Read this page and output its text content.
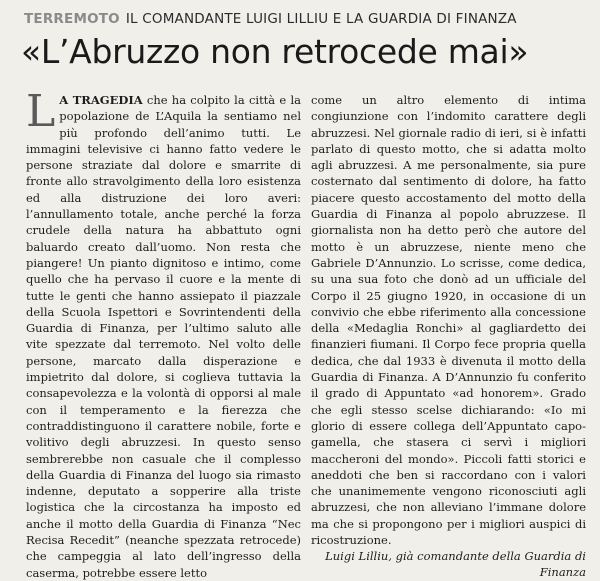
TERREMOTO IL COMANDANTE LUIGI LILLIU E LA GUARDIA DI FINANZA
«L’Abruzzo non retrocede mai»

L A TRAGEDIA che ha colpito la città e la popolazione de L’Aquila la sentiamo nel più profondo dell’animo tutti. Le immagini televisive ci hanno fatto vedere le persone straziate dal dolore e smarrite di fronte allo stravolgimento della loro esistenza ed alla distruzione dei loro averi: l’annullamento totale, anche perché la forza crudele della natura ha abbattuto ogni baluardo creato dall’uomo. Non resta che piangere! Un pianto dignitoso e intimo, come quello che ha pervaso il cuore e la mente di tutte le genti che hanno assiepato il piazzale della Scuola Ispettori e Sovrintendenti della Guardia di Finanza, per l’ultimo saluto alle vite spezzate dal terremoto. Nel volto delle persone, marcato dalla disperazione e impietrito dal dolore, si coglieva tuttavia la consapevolezza e la volontà di opporsi al male con il temperamento e la fierezza che contraddistinguono il carattere nobile, forte e volitivo degli abruzzesi. In questo senso sembrerebbe non casuale che il complesso della Guardia di Finanza del luogo sia rimasto indenne, deputato a sopperire alla triste logistica che la circostanza ha imposto ed anche il motto della Guardia di Finanza “Nec Recisa Recedit” (neanche spezzata retrocede) che campeggia al lato dell’ingresso della caserma, potrebbe essere letto

come un altro elemento di intima congiunzione con l’indomito carattere degli abruzzesi. Nel giornale radio di ieri, si è infatti parlato di questo motto, che si adatta molto agli abruzzesi. A me personalmente, sia pure costernato dal sentimento di dolore, ha fatto piacere questo accostamento del motto della Guardia di Finanza al popolo abruzzese. Il giornalista non ha detto però che autore del motto è un abruzzese, niente meno che Gabriele D’Annunzio. Lo scrisse, come dedica, su una sua foto che donò ad un ufficiale del Corpo il 25 giugno 1920, in occasione di un convivio che ebbe riferimento alla concessione della «Medaglia Ronchi» al gagliardetto dei finanzieri fiumani. Il Corpo fece propria quella dedica, che dal 1933 è divenuta il motto della Guardia di Finanza. A D’Annunzio fu conferito il grado di Appuntato «ad honorem». Grado che egli stesso scelse dichiarando: «Io mi glorio di essere collega dell’Appuntato capo-gamella, che stasera ci servì i migliori maccheroni del mondo». Piccoli fatti storici e aneddoti che ben si raccordano con i valori che unanimemente vengono riconosciuti agli abruzzesi, che non alleviano l’immane dolore ma che si propongono per i migliori auspici di ricostruzione.

Luigi Lilliu, già comandante della Guardia di Finanza
